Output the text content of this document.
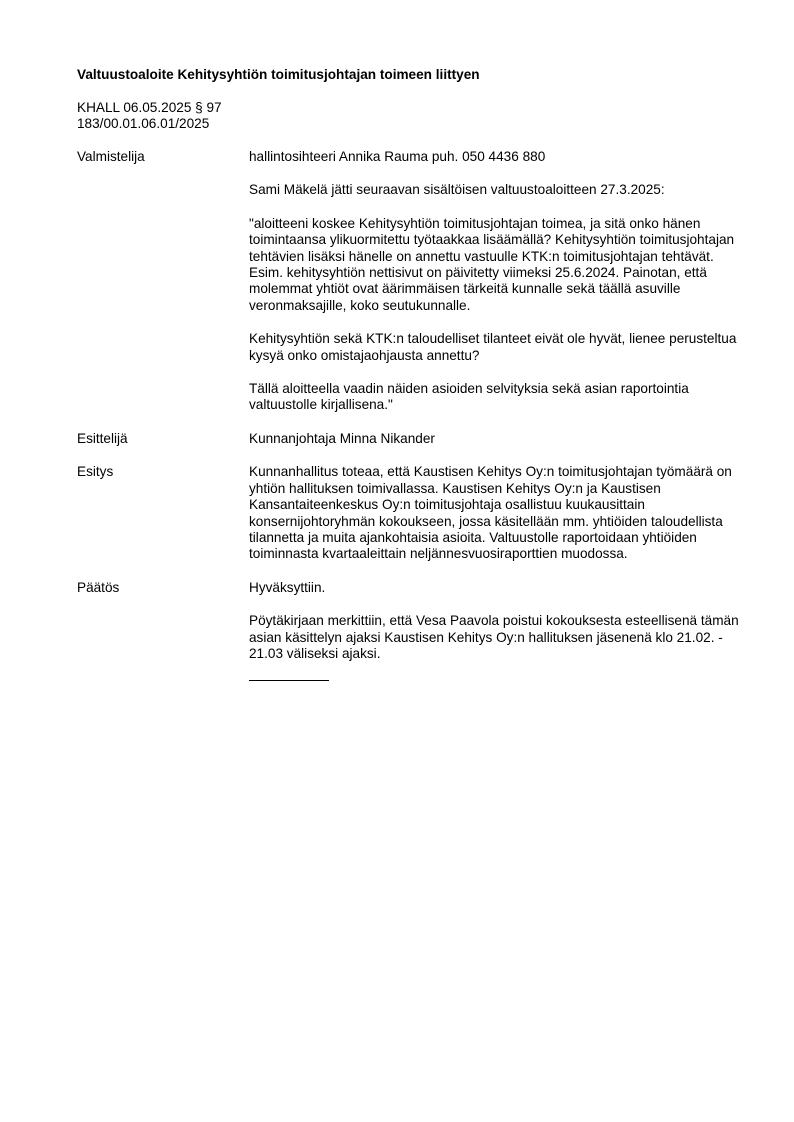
Valtuustoaloite Kehitysyhtiön toimitusjohtajan toimeen liittyen

KHALL 06.05.2025 § 97
183/00.01.06.01/2025
Valmistelija	hallintosihteeri Annika Rauma puh. 050 4436 880

Sami Mäkelä jätti seuraavan sisältöisen valtuustoaloitteen 27.3.2025:

"aloitteeni koskee Kehitysyhtiön toimitusjohtajan toimea, ja sitä onko hänen toimintaansa ylikuormitettu työtaakkaa lisäämällä? Kehitysyhtiön toimitusjohtajan tehtävien lisäksi hänelle on annettu vastuulle KTK:n toimitusjohtajan tehtävät. Esim. kehitysyhtiön nettisivut on päivitetty viimeksi 25.6.2024. Painotan, että molemmat yhtiöt ovat äärimmäisen tärkeitä kunnalle sekä täällä asuville veronmaksajille, koko seutukunnalle.

Kehitysyhtiön sekä KTK:n taloudelliset tilanteet eivät ole hyvät, lienee perusteltua kysyä onko omistajaohjausta annettu?

Tällä aloitteella vaadin näiden asioiden selvityksia sekä asian raportointia valtuustolle kirjallisena."

Esittelijä	Kunnanjohtaja Minna Nikander

Esitys	Kunnanhallitus toteaa, että Kaustisen Kehitys Oy:n toimitusjohtajan työmäärä on yhtiön hallituksen toimivallassa. Kaustisen Kehitys Oy:n ja Kaustisen Kansantaiteenkeskus Oy:n toimitusjohtaja osallistuu kuukausittain konsernijohtoryhmän kokoukseen, jossa käsitellään mm. yhtiöiden taloudellista tilannetta ja muita ajankohtaisia asioita. Valtuustolle raportoidaan yhtiöiden toiminnasta kvartaaleittain neljännesvuosiraporttien muodossa.

Päätös	Hyväksyttiin.

Pöytäkirjaan merkittiin, että Vesa Paavola poistui kokouksesta esteellisenä tämän asian käsittelyn ajaksi Kaustisen Kehitys Oy:n hallituksen jäsenenä klo 21.02. - 21.03 väliseksi ajaksi.
